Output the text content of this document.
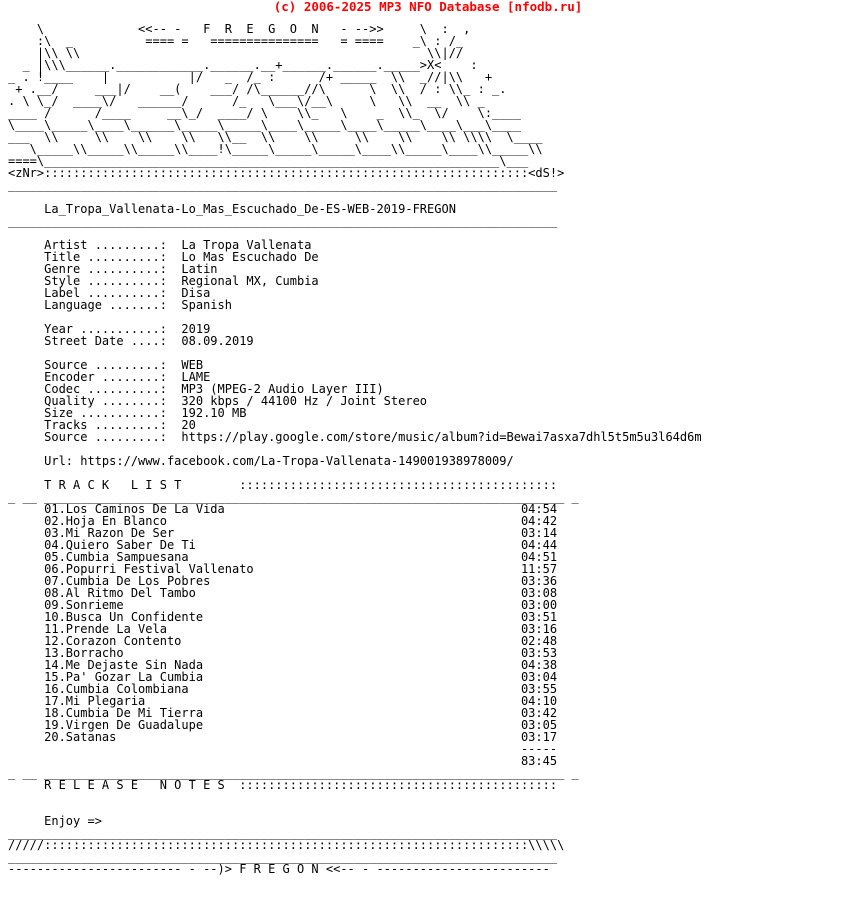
(c) 2006-2025 MP3 NFO Database [nfodb.ru]
\             <<-- -   F  R  E  G  O  N   - -->>     \  :  ,
:\  _          ==== =   ===============   = ====    _\ : /_
|\\ \\                                                \\|//
_ |\\\______.____________.______.__+______.______._____>X<    :
_ . !____    |           |/   _  /_ :      /+ _____  \\  _//|\\   +
+ .__/     ___|/    __(    ___/ /\______//\      \  \\  / : \\_ : _.
. \ \_/  ____\/   ______/      /_   \___\/__\     \   \\  __  \\ _
____ /      /____     __\_/  ____/ \    \\_   \    _  \\_  \/    \:____
\____\_____\____\______\_____\_____\____\_____\____\_____\____\___\____
___  \\     \\    \\    \\   \\__  \\    \\     \\    \\    \\ \\\\  \____
\_____\\_____\\_____\\____!\_____\_____\_____\____\\_____\____\\_____\\
====\_______________________________________________________________\___
<zNr>:::::::::::::::::::::::::::::::::::::::::::::::::::::::::::::::::::<dS!>
____________________________________________________________________________
La_Tropa_Vallenata-Lo_Mas_Escuchado_De-ES-WEB-2019-FREGON
____________________________________________________________________________
Artist .........:  La Tropa Vallenata
Title ..........:  Lo Mas Escuchado De
Genre ..........:  Latin
Style ..........:  Regional MX, Cumbia
Label ..........:  Disa
Language .......:  Spanish
Year ...........:  2019
Street Date ....:  08.09.2019
Source .........:  WEB
Encoder ........:  LAME
Codec ..........:  MP3 (MPEG-2 Audio Layer III)
Quality ........:  320 kbps / 44100 Hz / Joint Stereo
Size ...........:  192.10 MB
Tracks .........:  20
Source .........:  https://play.google.com/store/music/album?id=Bewai7asxa7dhl5t5m5u3l64d6m
Url: https://www.facebook.com/La-Tropa-Vallenata-149001938978009/
T R A C K   L I S T        ::::::::::::::::::::::::::::::::::::::::::::
_ __ ________________________________________________________________________ _
01.Los Caminos De La Vida                                         04:54
02.Hoja En Blanco                                                 04:42
03.Mi Razon De Ser                                                03:14
04.Quiero Saber De Ti                                             04:44
05.Cumbia Sampuesana                                              04:51
06.Popurri Festival Vallenato                                     11:57
07.Cumbia De Los Pobres                                           03:36
08.Al Ritmo Del Tambo                                             03:08
09.Sonrieme                                                       03:00
10.Busca Un Confidente                                            03:51
11.Prende La Vela                                                 03:16
12.Corazon Contento                                               02:48
13.Borracho                                                       03:53
14.Me Dejaste Sin Nada                                            04:38
15.Pa' Gozar La Cumbia                                            03:04
16.Cumbia Colombiana                                              03:55
17.Mi Plegaria                                                    04:10
18.Cumbia De Mi Tierra                                            03:42
19.Virgen De Guadalupe                                            03:05
20.Satanas                                                        03:17
-----
83:45
_ __ ________________________________________________________________________ _
R E L E A S E   N O T E S  ::::::::::::::::::::::::::::::::::::::::::::
Enjoy =>
____________________________________________________________________________
/////:::::::::::::::::::::::::::::::::::::::::::::::::::::::::::::::::::\\\\\
____________________________________________________________________________
------------------------ - --)> F R E G O N <<-- - ------------------------
